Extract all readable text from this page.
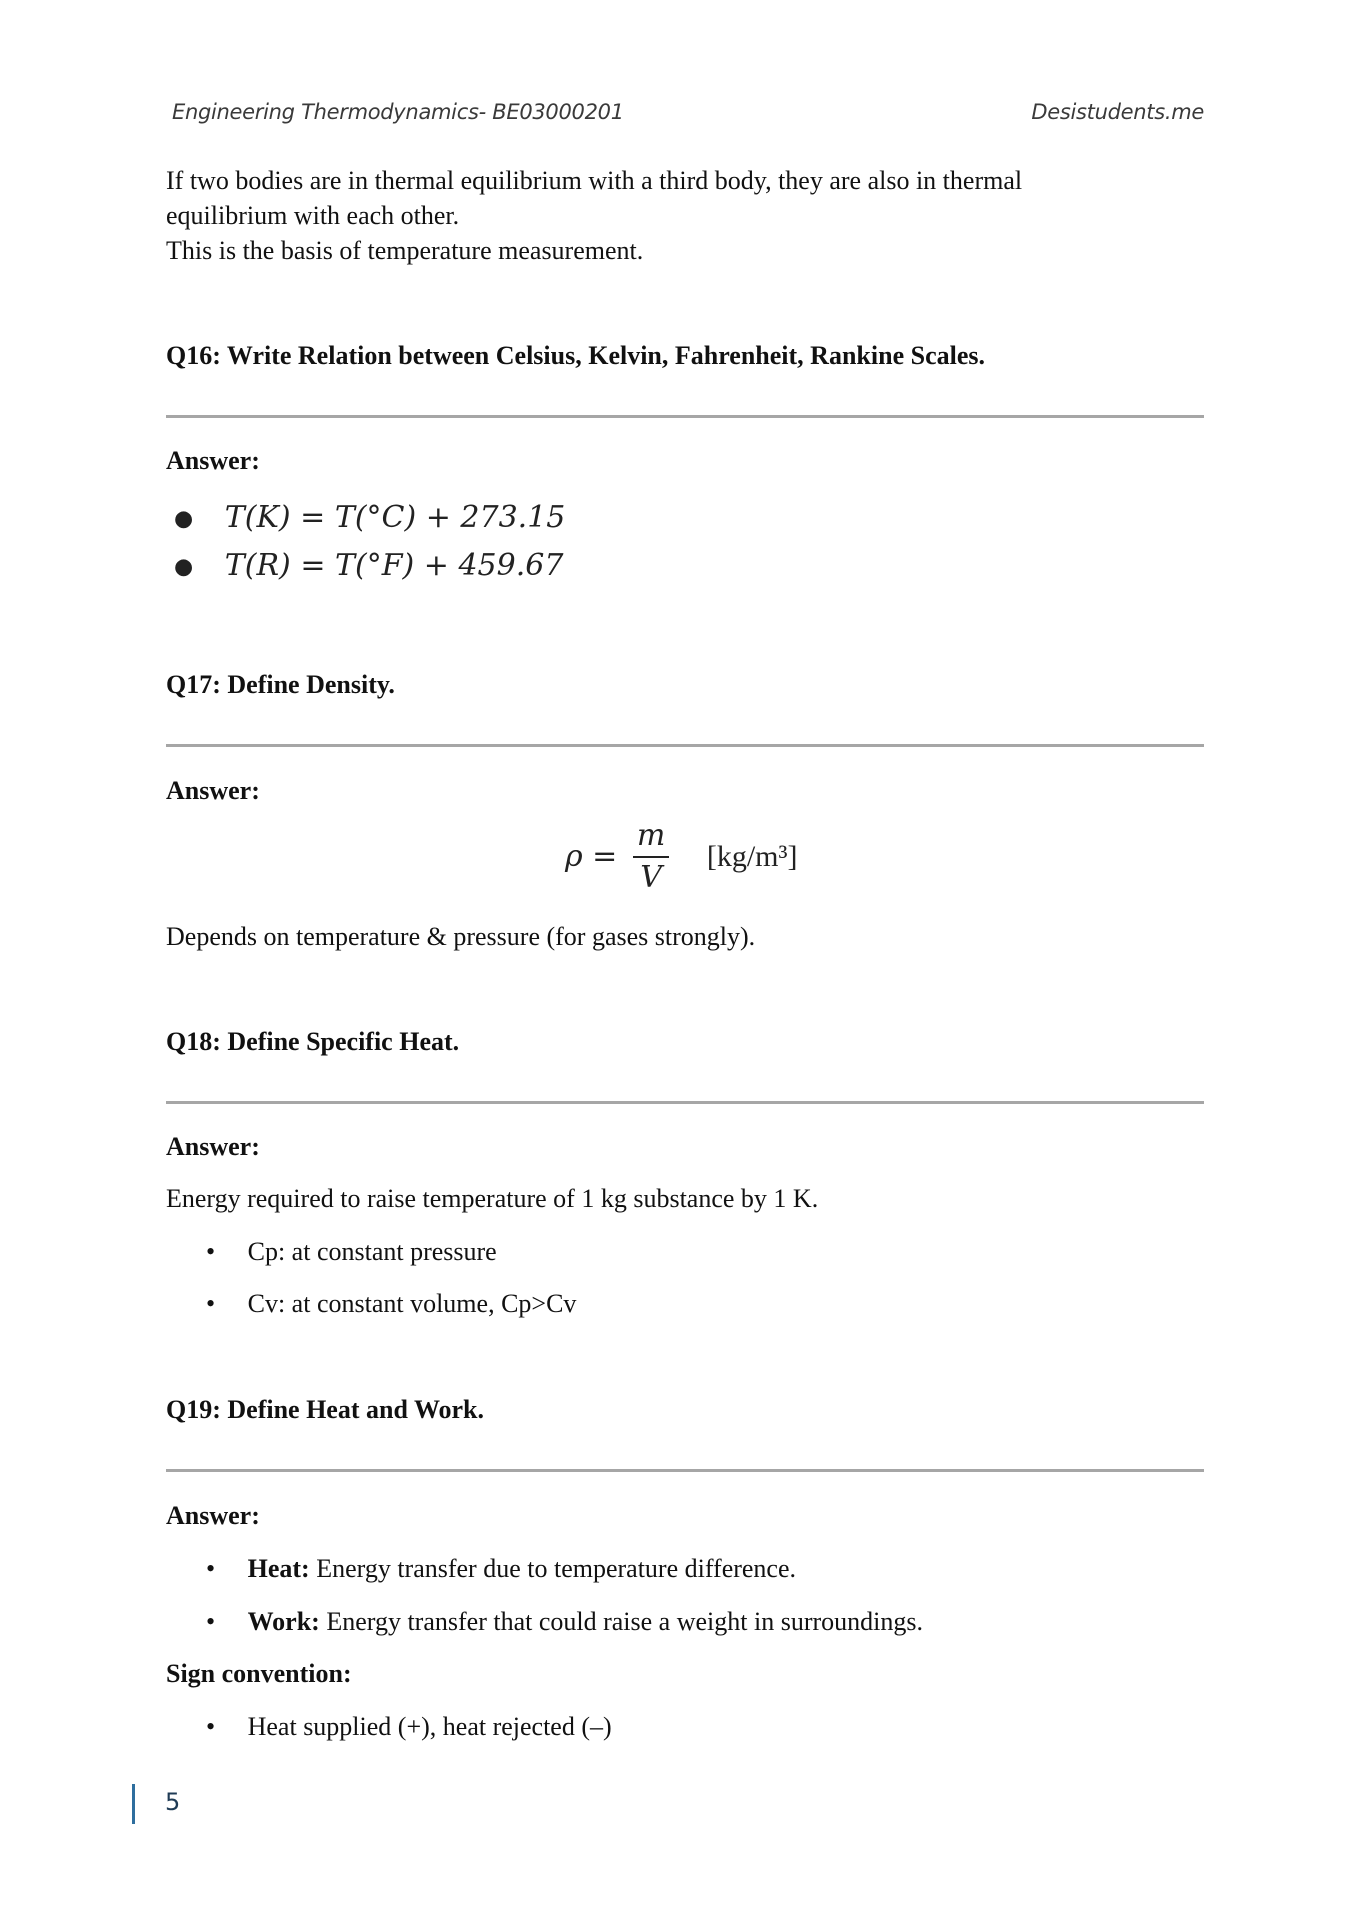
Engineering Thermodynamics- BE03000201	Desistudents.me
If two bodies are in thermal equilibrium with a third body, they are also in thermal
equilibrium with each other.
This is the basis of temperature measurement.
Q16: Write Relation between Celsius, Kelvin, Fahrenheit, Rankine Scales.
Answer:
● T(K) = T(°C) + 273.15
● T(R) = T(°F) + 459.67
Q17: Define Density.
Answer:
$\rho = \frac{m}{V} [kg/m^3]$
Depends on temperature & pressure (for gases strongly).
Q18: Define Specific Heat.
Answer:
Energy required to raise temperature of 1 kg substance by 1 K.
• Cp: at constant pressure
• Cv: at constant volume, Cp>Cv
Q19: Define Heat and Work.
Answer:
• Heat: Energy transfer due to temperature difference.
• Work: Energy transfer that could raise a weight in surroundings.
Sign convention:
• Heat supplied (+), heat rejected (–)
5
